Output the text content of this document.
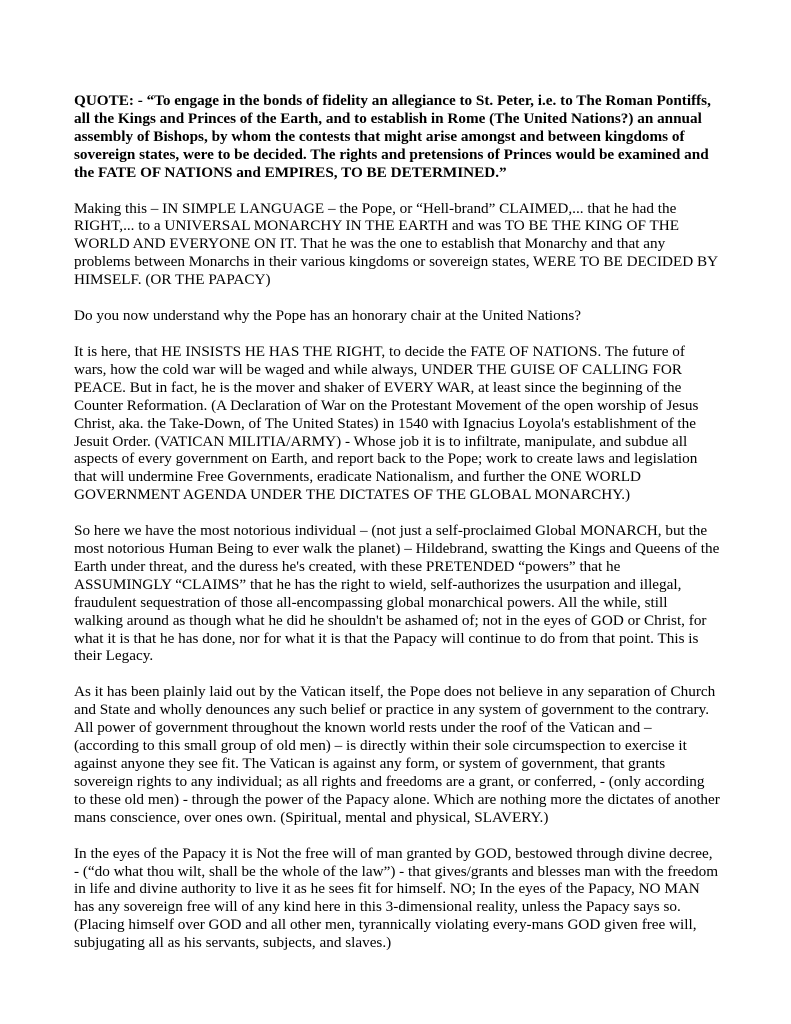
QUOTE: - “To engage in the bonds of fidelity an allegiance to St. Peter, i.e. to The Roman Pontiffs, all the Kings and Princes of the Earth, and to establish in Rome (The United Nations?) an annual assembly of Bishops, by whom the contests that might arise amongst and between kingdoms of sovereign states, were to be decided. The rights and pretensions of Princes would be examined and the FATE OF NATIONS and EMPIRES, TO BE DETERMINED.”

Making this – IN SIMPLE LANGUAGE – the Pope, or “Hell-brand” CLAIMED,... that he had the RIGHT,... to a UNIVERSAL MONARCHY IN THE EARTH and was TO BE THE KING OF THE WORLD AND EVERYONE ON IT. That he was the one to establish that Monarchy and that any problems between Monarchs in their various kingdoms or sovereign states, WERE TO BE DECIDED BY HIMSELF. (OR THE PAPACY)

Do you now understand why the Pope has an honorary chair at the United Nations?

It is here, that HE INSISTS HE HAS THE RIGHT, to decide the FATE OF NATIONS. The future of wars, how the cold war will be waged and while always, UNDER THE GUISE OF CALLING FOR PEACE. But in fact, he is the mover and shaker of EVERY WAR, at least since the beginning of the Counter Reformation. (A Declaration of War on the Protestant Movement of the open worship of Jesus Christ, aka. the Take-Down, of The United States) in 1540 with Ignacius Loyola's establishment of the Jesuit Order. (VATICAN MILITIA/ARMY) - Whose job it is to infiltrate, manipulate, and subdue all aspects of every government on Earth, and report back to the Pope; work to create laws and legislation that will undermine Free Governments, eradicate Nationalism, and further the ONE WORLD GOVERNMENT AGENDA UNDER THE DICTATES OF THE GLOBAL MONARCHY.)

So here we have the most notorious individual – (not just a self-proclaimed Global MONARCH, but the most notorious Human Being to ever walk the planet) – Hildebrand, swatting the Kings and Queens of the Earth under threat, and the duress he's created, with these PRETENDED “powers” that he ASSUMINGLY “CLAIMS” that he has the right to wield, self-authorizes the usurpation and illegal, fraudulent sequestration of those all-encompassing global monarchical powers. All the while, still walking around as though what he did he shouldn't be ashamed of; not in the eyes of GOD or Christ, for what it is that he has done, nor for what it is that the Papacy will continue to do from that point. This is their Legacy.

As it has been plainly laid out by the Vatican itself, the Pope does not believe in any separation of Church and State and wholly denounces any such belief or practice in any system of government to the contrary. All power of government throughout the known world rests under the roof of the Vatican and – (according to this small group of old men) – is directly within their sole circumspection to exercise it against anyone they see fit. The Vatican is against any form, or system of government, that grants sovereign rights to any individual; as all rights and freedoms are a grant, or conferred, - (only according to these old men) - through the power of the Papacy alone. Which are nothing more the dictates of another mans conscience, over ones own. (Spiritual, mental and physical, SLAVERY.)

In the eyes of the Papacy it is Not the free will of man granted by GOD, bestowed through divine decree, - (“do what thou wilt, shall be the whole of the law”) - that gives/grants and blesses man with the freedom in life and divine authority to live it as he sees fit for himself. NO; In the eyes of the Papacy, NO MAN has any sovereign free will of any kind here in this 3-dimensional reality, unless the Papacy says so. (Placing himself over GOD and all other men, tyrannically violating every-mans GOD given free will, subjugating all as his servants, subjects, and slaves.)
